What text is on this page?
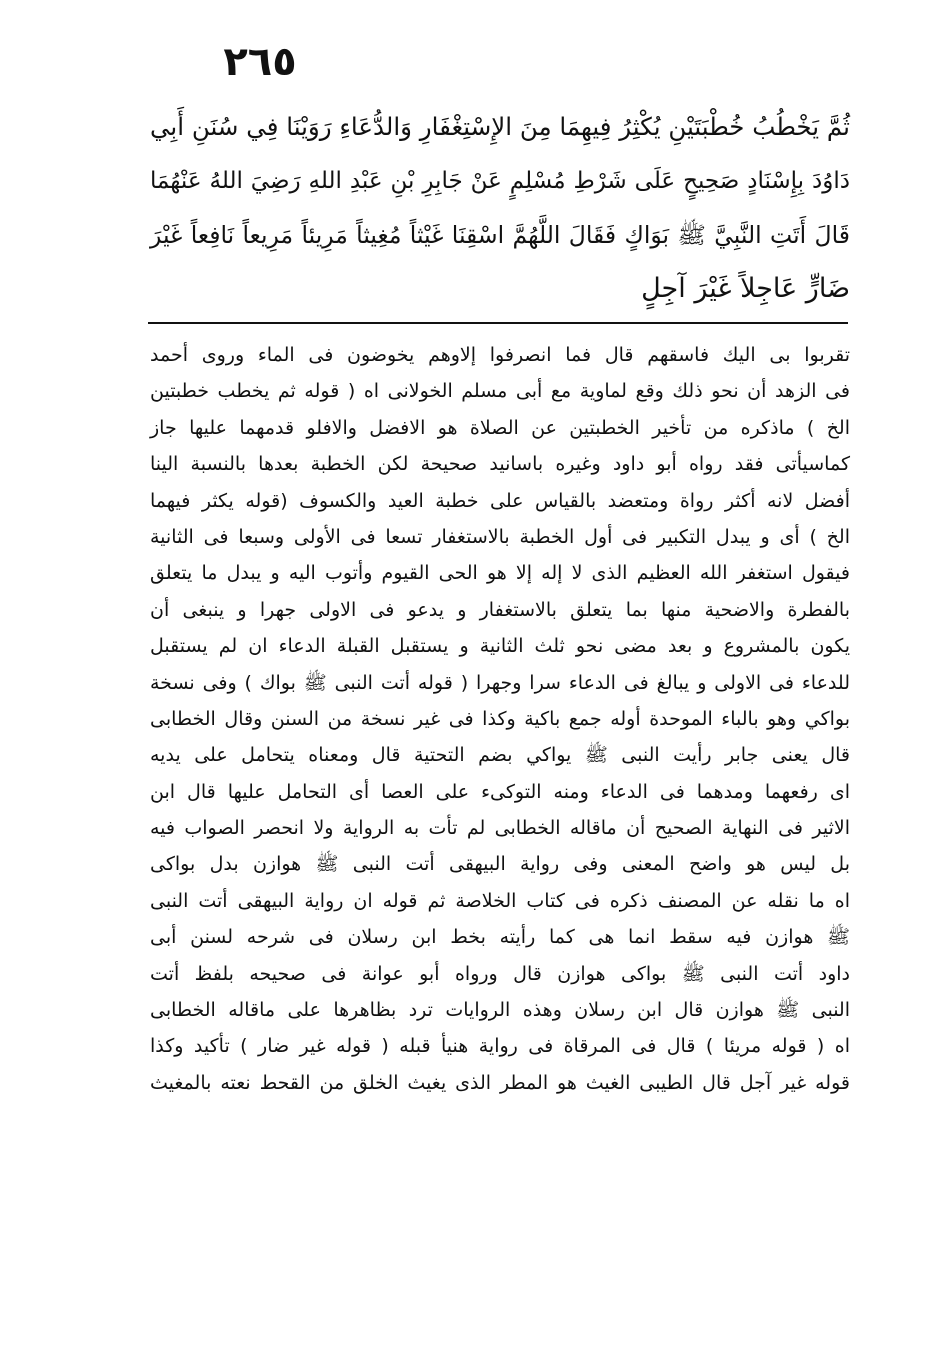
٢٦٥
ثُمَّ يَخْطُبُ خُطْبَتَيْنِ يُكْثِرُ فِيهِمَا مِنَ الإِسْتِغْفَارِ وَالدُّعَاءِ رَوَيْنَا فِي سُنَنِ أَبِي
دَاوُدَ بِإِسْنَادٍ صَحِيحٍ عَلَى شَرْطِ مُسْلِمٍ عَنْ جَابِرِ بْنِ عَبْدِ اللهِ رَضِيَ اللهُ عَنْهُمَا
قَالَ أَتَتِ النَّبِيَّ ﷺ بَوَاكٍ فَقَالَ اللَّهُمَّ اسْقِنَا غَيْثاً مُغِيثاً مَرِيئاً مَرِيعاً نَافِعاً غَيْرَ
ضَارٍّ عَاجِلاً غَيْرَ آجِلٍ
تقربوا بى اليك فاسقهم قال فما انصرفوا إلاوهم يخوضون فى الماء وروى أحمد
فى الزهد أن نحو ذلك وقع لماوية مع أبى مسلم الخولانى اه ( قوله ثم يخطب خطبتين
الخ ) ماذكره من تأخير الخطبتين عن الصلاة هو الافضل والافلو قدمهما عليها جاز
كماسيأتى فقد رواه أبو داود وغيره باسانيد صحيحة لكن الخطبة بعدها بالنسبة الينا
أفضل لانه أكثر رواة ومتعضد بالقياس على خطبة العيد والكسوف (قوله يكثر فيهما
الخ ) أى و يبدل التكبير فى أول الخطبة بالاستغفار تسعا فى الأولى وسبعا فى الثانية
فيقول استغفر الله العظيم الذى لا إله إلا هو الحى القيوم وأتوب اليه و يبدل ما يتعلق
بالفطرة والاضحية منها بما يتعلق بالاستغفار و يدعو فى الاولى جهرا و ينبغى أن
يكون بالمشروع و بعد مضى نحو ثلث الثانية و يستقبل القبلة الدعاء ان لم يستقبل
للدعاء فى الاولى و يبالغ فى الدعاء سرا وجهرا ( قوله أتت النبى ﷺ بواك ) وفى نسخة
بواكي وهو بالباء الموحدة أوله جمع باكية وكذا فى غير نسخة من السنن وقال الخطابى
قال يعنى جابر رأيت النبى ﷺ يواكي بضم التحتية قال ومعناه يتحامل على يديه
اى رفعهما ومدهما فى الدعاء ومنه التوكىء على العصا أى التحامل عليها قال ابن
الاثير فى النهاية الصحيح أن ماقاله الخطابى لم تأت به الرواية ولا انحصر الصواب فيه
بل ليس هو واضح المعنى وفى رواية البيهقى أتت النبى ﷺ هوازن بدل بواكى
اه ما نقله عن المصنف ذكره فى كتاب الخلاصة ثم قوله ان رواية البيهقى أتت النبى
ﷺ هوازن فيه سقط انما هى كما رأيته بخط ابن رسلان فى شرحه لسنن أبى
داود أتت النبى ﷺ بواكى هوازن قال ورواه أبو عوانة فى صحيحه بلفظ أتت
النبى ﷺ هوازن قال ابن رسلان وهذه الروايات ترد بظاهرها على ماقاله الخطابى
اه ( قوله مريئا ) قال فى المرقاة فى رواية هنيأ قبله ( قوله غير ضار ) تأكيد وكذا
قوله غير آجل قال الطيبى الغيث هو المطر الذى يغيث الخلق من القحط نعته بالمغيث
